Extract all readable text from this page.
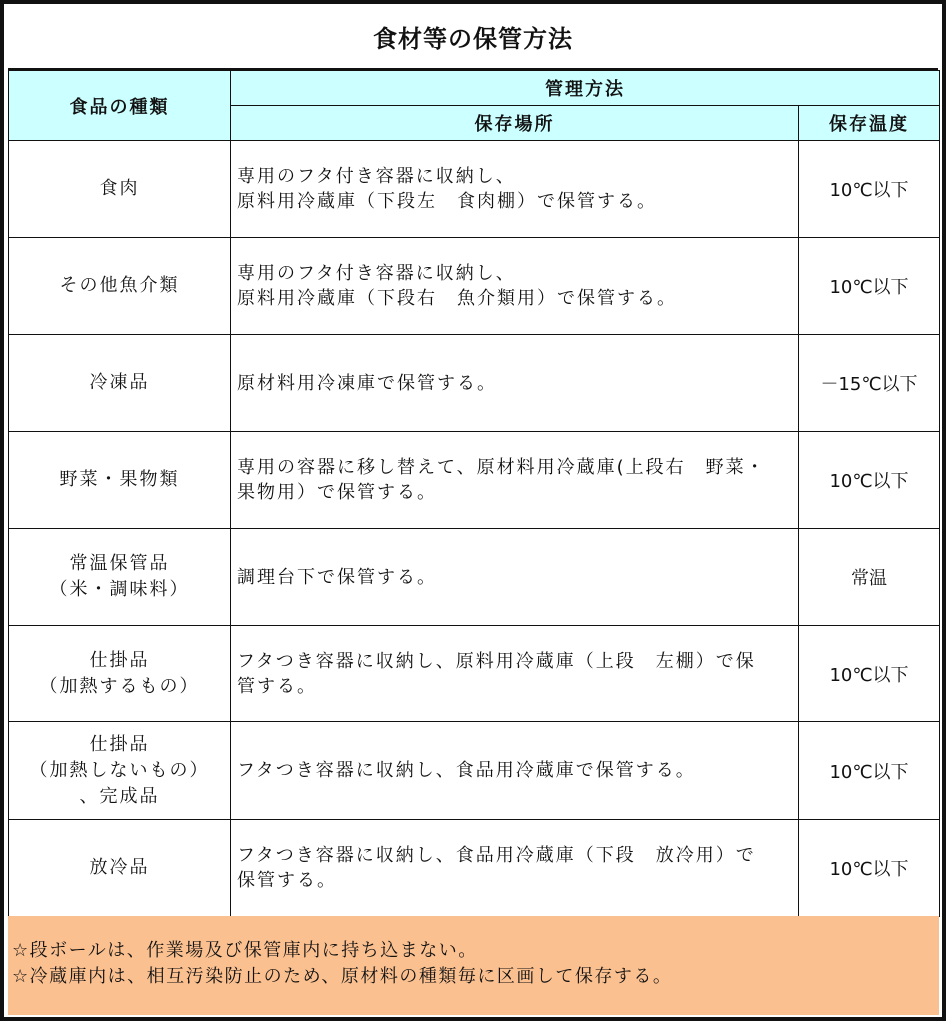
食材等の保管方法
食品の種類	管理方法	
	保存場所	保存温度

食肉	専用のフタ付き容器に収納し、
原料用冷蔵庫（下段左　食肉棚）で保管する。	10℃以下

その他魚介類	専用のフタ付き容器に収納し、
原料用冷蔵庫（下段右　魚介類用）で保管する。	10℃以下

冷凍品	原材料用冷凍庫で保管する。	－15℃以下

野菜・果物類	専用の容器に移し替えて、原材料用冷蔵庫(上段右　野菜・
果物用）で保管する。	10℃以下

常温保管品
（米・調味料）	調理台下で保管する。	常温

仕掛品
（加熱するもの）	フタつき容器に収納し、原料用冷蔵庫（上段　左棚）で保
管する。	10℃以下

仕掛品
（加熱しないもの）
、完成品	フタつき容器に収納し、食品用冷蔵庫で保管する。	10℃以下

放冷品	フタつき容器に収納し、食品用冷蔵庫（下段　放冷用）で
保管する。	10℃以下
☆段ボールは、作業場及び保管庫内に持ち込まない。
☆冷蔵庫内は、相互汚染防止のため、原材料の種類毎に区画して保存する。
